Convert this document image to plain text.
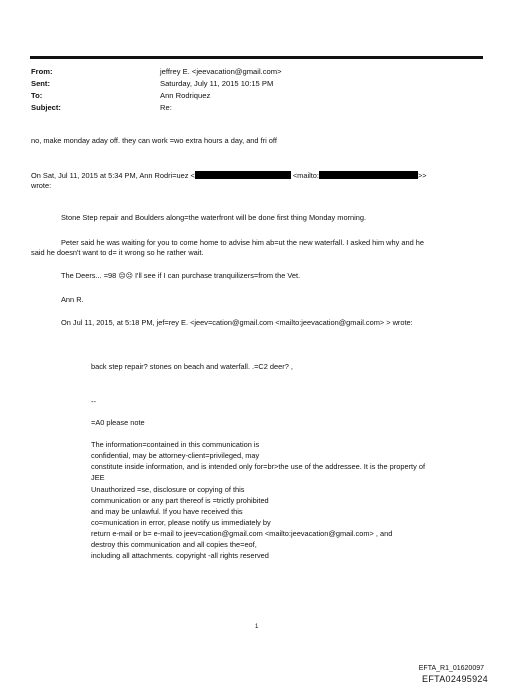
From:
Sent:
To:
Subject:
jeffrey E. <jeevacation@gmail.com>
Saturday, July 11, 2015 10:15 PM
Ann Rodriquez
Re:
no, make monday aday off. they can work =wo extra hours a day, and fri off
On Sat, Jul 11, 2015 at 5:34 PM, Ann Rodri=uez <	<mailto:	>>
wrote:
Stone Step repair and Boulders along=the waterfront will be done first thing Monday morning.
Peter said he was waiting for you to come home to advise him ab=ut the new waterfall. I asked him why and he
said he doesn't want to d= it wrong so he rather wait.
The Deers... =98 ☹☹ I'll see if I can purchase tranquilizers=from the Vet.
Ann R.
On Jul 11, 2015, at 5:18 PM, jef=rey E. <jeev=cation@gmail.com <mailto:jeevacation@gmail.com> > wrote:
back step repair? stones on beach and waterfall. .=C2 deer? ,
--
=A0 please note
The information=contained in this communication is
confidential, may be attorney-client=privileged, may
constitute inside information, and is intended only for=br>the use of the addressee. It is the property of
JEE
Unauthorized =se, disclosure or copying of this
communication or any part thereof is =trictly prohibited
and may be unlawful. If you have received this
co=munication in error, please notify us immediately by
return e-mail or b= e-mail to jeev=cation@gmail.com <mailto:jeevacation@gmail.com> , and
destroy this communication and all copies the=eof,
including all attachments. copyright -all rights reserved
1
EFTA_R1_01620097
EFTA02495924
